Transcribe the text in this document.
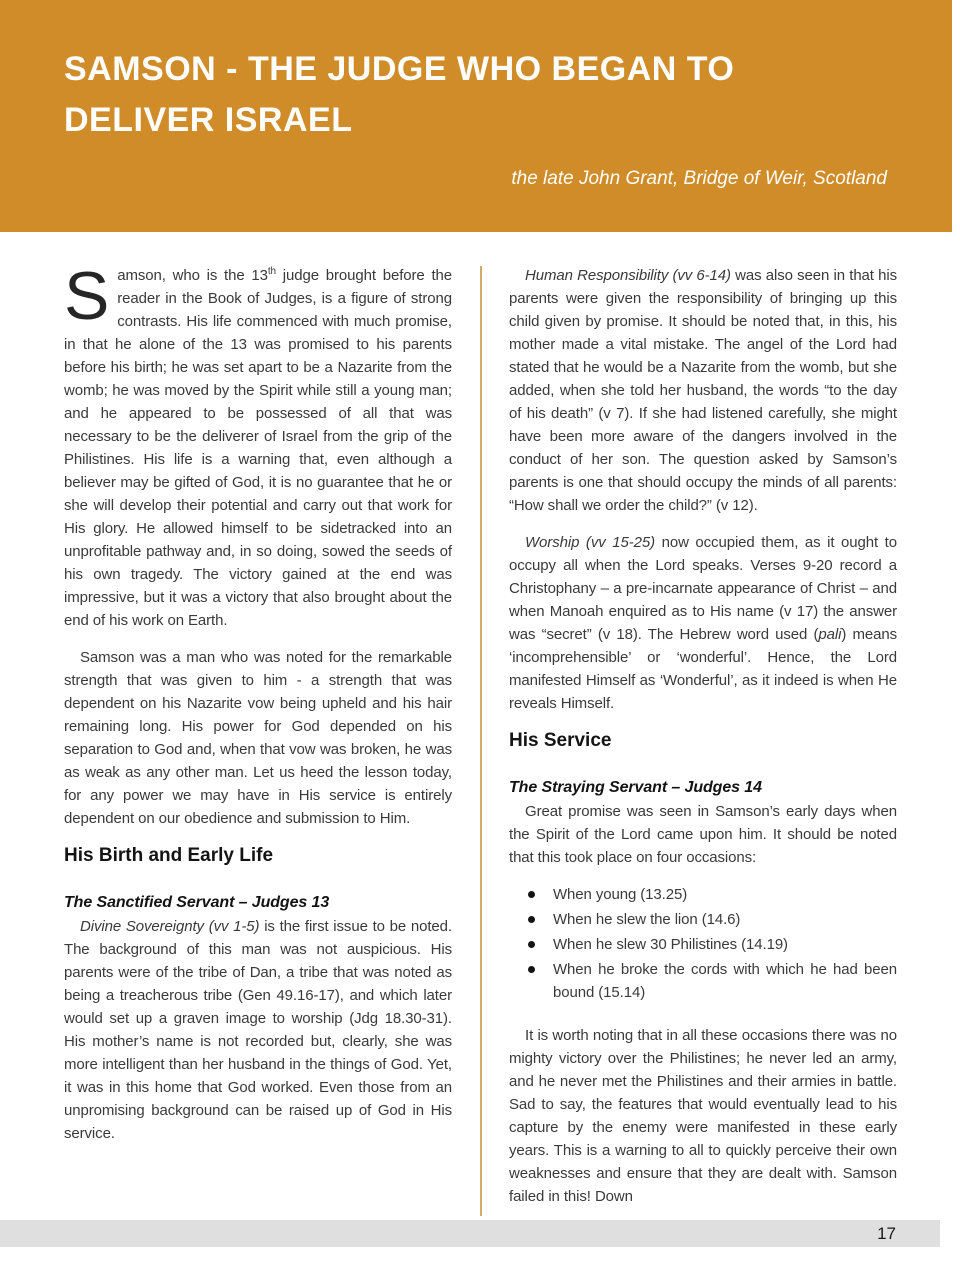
SAMSON - THE JUDGE WHO BEGAN TO
DELIVER ISRAEL
the late John Grant, Bridge of Weir, Scotland

Samson, who is the 13th judge brought before the reader in the Book of Judges, is a figure of strong contrasts. His life commenced with much promise, in that he alone of the 13 was promised to his parents before his birth; he was set apart to be a Nazarite from the womb; he was moved by the Spirit while still a young man; and he appeared to be possessed of all that was necessary to be the deliverer of Israel from the grip of the Philistines. His life is a warning that, even although a believer may be gifted of God, it is no guarantee that he or she will develop their potential and carry out that work for His glory. He allowed himself to be sidetracked into an unprofitable pathway and, in so doing, sowed the seeds of his own tragedy. The victory gained at the end was impressive, but it was a victory that also brought about the end of his work on Earth.

Samson was a man who was noted for the remarkable strength that was given to him - a strength that was dependent on his Nazarite vow being upheld and his hair remaining long. His power for God depended on his separation to God and, when that vow was broken, he was as weak as any other man. Let us heed the lesson today, for any power we may have in His service is entirely dependent on our obedience and submission to Him.

His Birth and Early Life
The Sanctified Servant – Judges 13

Divine Sovereignty (vv 1-5) is the first issue to be noted. The background of this man was not auspicious. His parents were of the tribe of Dan, a tribe that was noted as being a treacherous tribe (Gen 49.16-17), and which later would set up a graven image to worship (Jdg 18.30-31). His mother’s name is not recorded but, clearly, she was more intelligent than her husband in the things of God. Yet, it was in this home that God worked. Even those from an unpromising background can be raised up of God in His service.

Human Responsibility (vv 6-14) was also seen in that his parents were given the responsibility of bringing up this child given by promise. It should be noted that, in this, his mother made a vital mistake. The angel of the Lord had stated that he would be a Nazarite from the womb, but she added, when she told her husband, the words “to the day of his death” (v 7). If she had listened carefully, she might have been more aware of the dangers involved in the conduct of her son. The question asked by Samson’s parents is one that should occupy the minds of all parents: “How shall we order the child?” (v 12).

Worship (vv 15-25) now occupied them, as it ought to occupy all when the Lord speaks. Verses 9-20 record a Christophany – a pre-incarnate appearance of Christ – and when Manoah enquired as to His name (v 17) the answer was “secret” (v 18). The Hebrew word used (pali) means ‘incomprehensible’ or ‘wonderful’. Hence, the Lord manifested Himself as ‘Wonderful’, as it indeed is when He reveals Himself.

His Service
The Straying Servant – Judges 14

Great promise was seen in Samson’s early days when the Spirit of the Lord came upon him. It should be noted that this took place on four occasions:

When young (13.25)
When he slew the lion (14.6)
When he slew 30 Philistines (14.19)
When he broke the cords with which he had been bound (15.14)

It is worth noting that in all these occasions there was no mighty victory over the Philistines; he never led an army, and he never met the Philistines and their armies in battle. Sad to say, the features that would eventually lead to his capture by the enemy were manifested in these early years. This is a warning to all to quickly perceive their own weaknesses and ensure that they are dealt with. Samson failed in this! Down

17
